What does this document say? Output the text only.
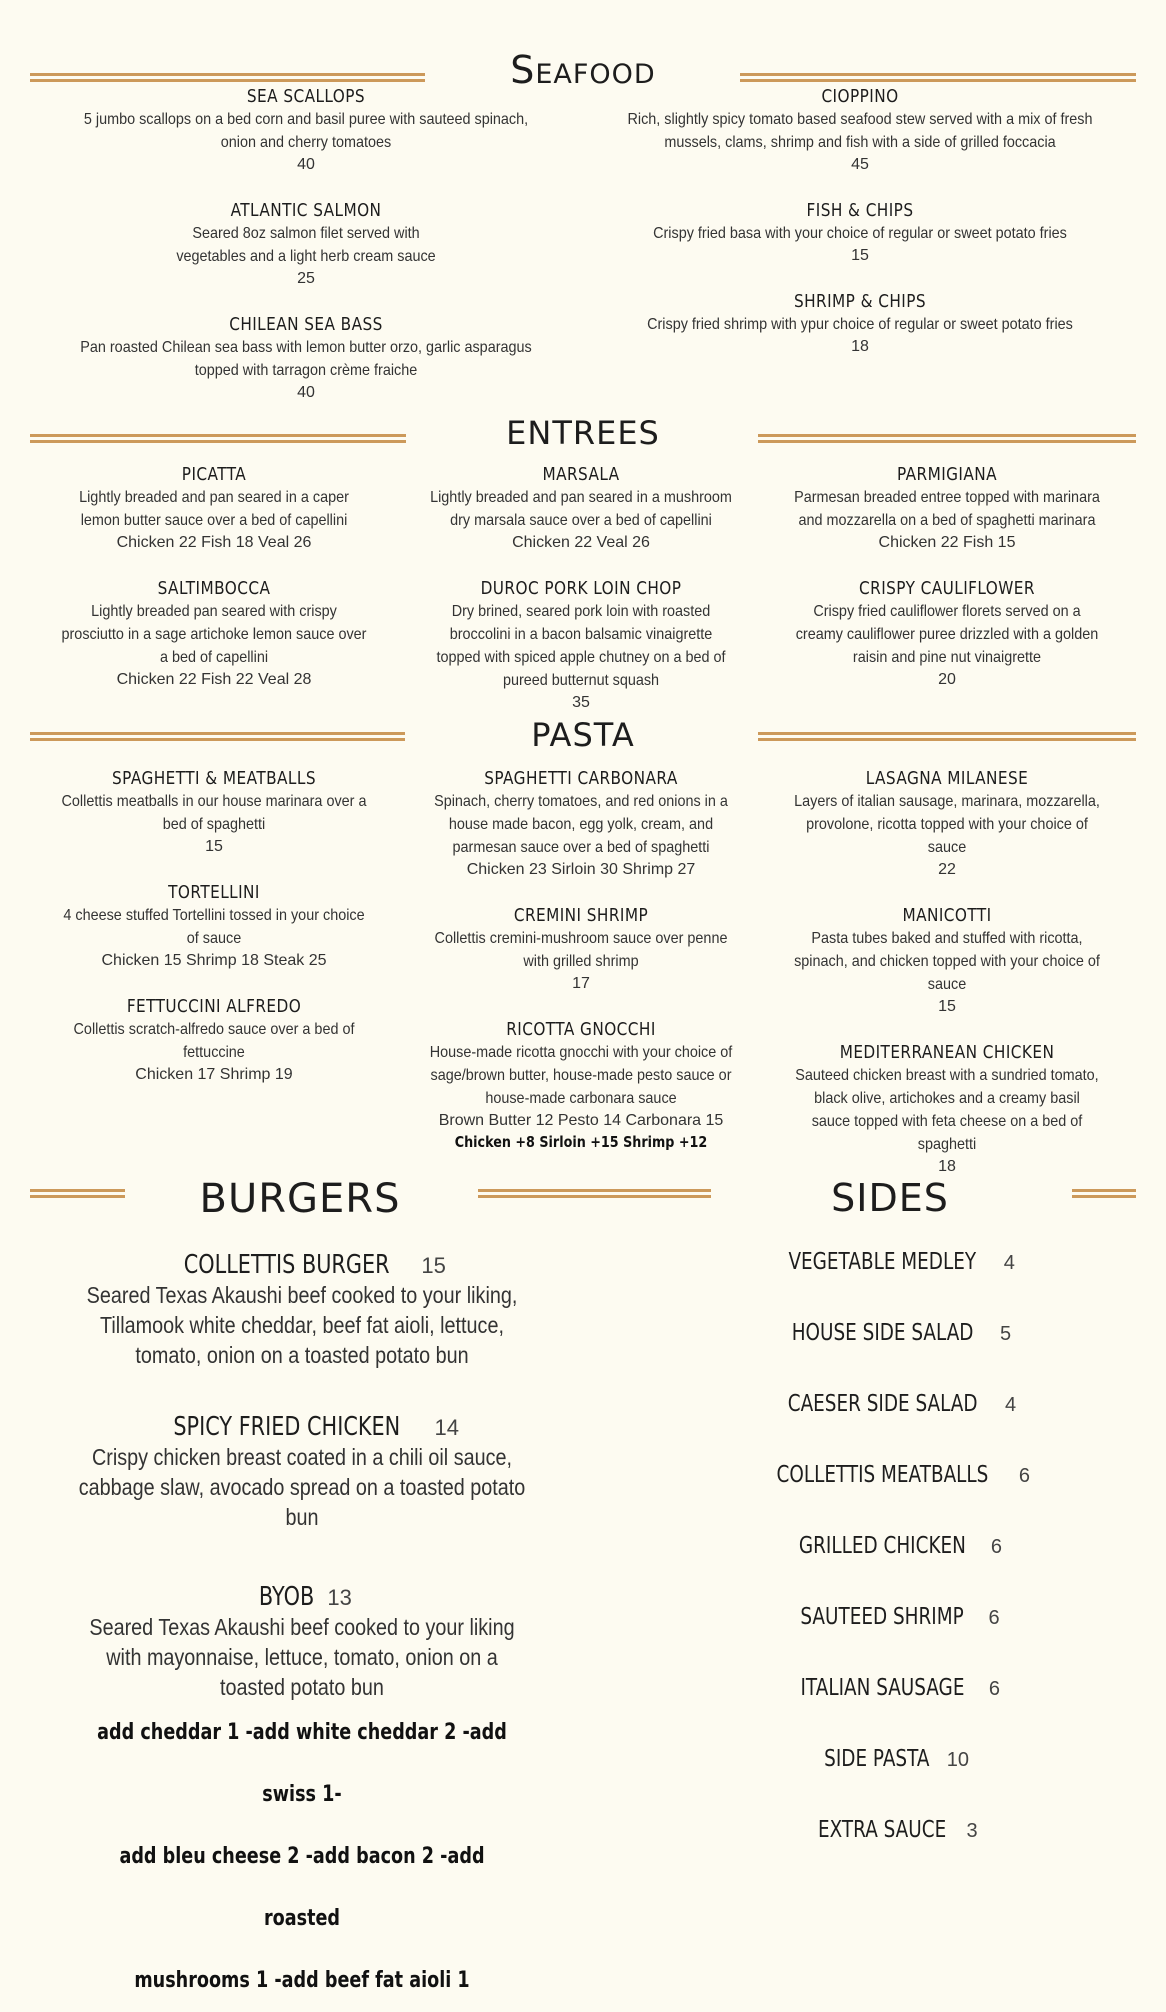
Seafood
SEA SCALLOPS
5 jumbo scallops on a bed corn and basil puree with sauteed spinach, onion and cherry tomatoes
40
ATLANTIC SALMON
Seared 8oz salmon filet served with vegetables and a light herb cream sauce
25
CHILEAN SEA BASS
Pan roasted Chilean sea bass with lemon butter orzo, garlic asparagus topped with tarragon crème fraiche
40
CIOPPINO
Rich, slightly spicy tomato based seafood stew served with a mix of fresh mussels, clams, shrimp and fish with a side of grilled foccacia
45
FISH & CHIPS
Crispy fried basa with your choice of regular or sweet potato fries
15
SHRIMP & CHIPS
Crispy fried shrimp with ypur choice of regular or sweet potato fries
18
ENTREES
PICATTA
Lightly breaded and pan seared in a caper lemon butter sauce over a bed of capellini
Chicken 22 Fish 18 Veal 26
SALTIMBOCCA
Lightly breaded pan seared with crispy prosciutto in a sage artichoke lemon sauce over a bed of capellini
Chicken 22 Fish 22 Veal 28
MARSALA
Lightly breaded and pan seared in a mushroom dry marsala sauce over a bed of capellini
Chicken 22 Veal 26
DUROC PORK LOIN CHOP
Dry brined, seared pork loin with roasted broccolini in a bacon balsamic vinaigrette topped with spiced apple chutney on a bed of pureed butternut squash
35
PARMIGIANA
Parmesan breaded entree topped with marinara and mozzarella on a bed of spaghetti marinara
Chicken 22 Fish 15
CRISPY CAULIFLOWER
Crispy fried cauliflower florets served on a creamy cauliflower puree drizzled with a golden raisin and pine nut vinaigrette
20
PASTA
SPAGHETTI & MEATBALLS
Collettis meatballs in our house marinara over a bed of spaghetti
15
TORTELLINI
4 cheese stuffed Tortellini tossed in your choice of sauce
Chicken 15 Shrimp 18 Steak 25
FETTUCCINI ALFREDO
Collettis scratch-alfredo sauce over a bed of fettuccine
Chicken 17 Shrimp 19
SPAGHETTI CARBONARA
Spinach, cherry tomatoes, and red onions in a house made bacon, egg yolk, cream, and parmesan sauce over a bed of spaghetti
Chicken 23 Sirloin 30 Shrimp 27
CREMINI SHRIMP
Collettis cremini-mushroom sauce over penne with grilled shrimp
17
RICOTTA GNOCCHI
House-made ricotta gnocchi with your choice of sage/brown butter, house-made pesto sauce or house-made carbonara sauce
Brown Butter 12 Pesto 14 Carbonara 15
Chicken +8 Sirloin +15 Shrimp +12
LASAGNA MILANESE
Layers of italian sausage, marinara, mozzarella, provolone, ricotta topped with your choice of sauce
22
MANICOTTI
Pasta tubes baked and stuffed with ricotta, spinach, and chicken topped with your choice of sauce
15
MEDITERRANEAN CHICKEN
Sauteed chicken breast with a sundried tomato, black olive, artichokes and a creamy basil sauce topped with feta cheese on a bed of spaghetti
18
BURGERS
COLLETTIS BURGER 15
Seared Texas Akaushi beef cooked to your liking, Tillamook white cheddar, beef fat aioli, lettuce, tomato, onion on a toasted potato bun
SPICY FRIED CHICKEN 14
Crispy chicken breast coated in a chili oil sauce, cabbage slaw, avocado spread on a toasted potato bun
BYOB 13
Seared Texas Akaushi beef cooked to your liking with mayonnaise, lettuce, tomato, onion on a toasted potato bun
add cheddar 1 -add white cheddar 2 -add swiss 1-
add bleu cheese 2 -add bacon 2 -add roasted
mushrooms 1 -add beef fat aioli 1
SIDES
VEGETABLE MEDLEY 4
HOUSE SIDE SALAD 5
CAESER SIDE SALAD 4
COLLETTIS MEATBALLS 6
GRILLED CHICKEN 6
SAUTEED SHRIMP 6
ITALIAN SAUSAGE 6
SIDE PASTA 10
EXTRA SAUCE 3
